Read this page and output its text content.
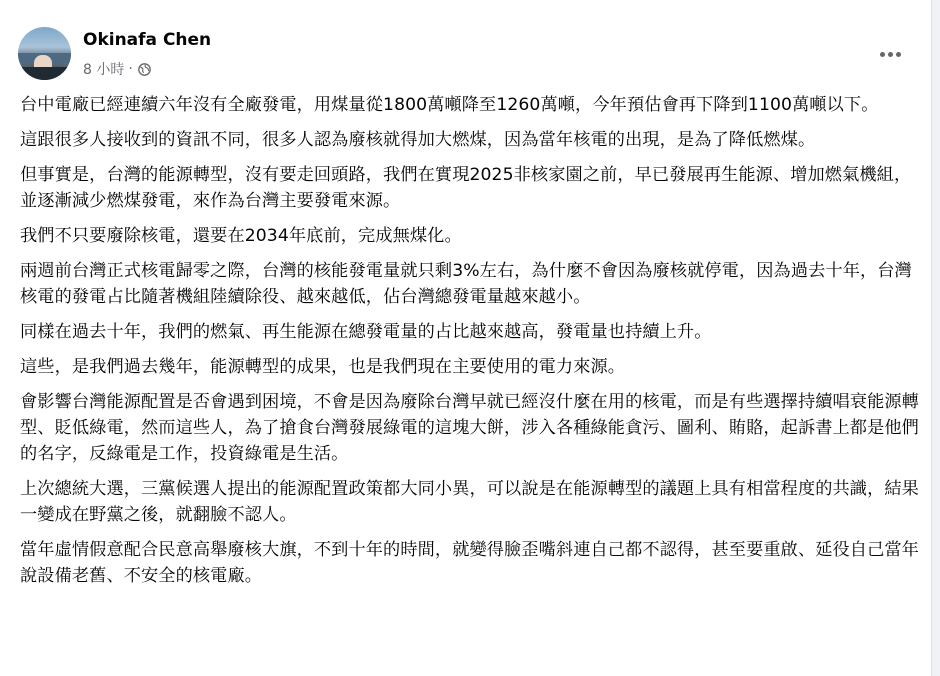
Okinafa Chen
8 小時 ·

台中電廠已經連續六年沒有全廠發電，用煤量從1800萬噸降至1260萬噸，今年預估會再下降到1100萬噸以下。

這跟很多人接收到的資訊不同，很多人認為廢核就得加大燃煤，因為當年核電的出現，是為了降低燃煤。

但事實是，台灣的能源轉型，沒有要走回頭路，我們在實現2025非核家園之前，早已發展再生能源、增加燃氣機組，並逐漸減少燃煤發電，來作為台灣主要發電來源。

我們不只要廢除核電，還要在2034年底前，完成無煤化。

兩週前台灣正式核電歸零之際，台灣的核能發電量就只剩3%左右，為什麼不會因為廢核就停電，因為過去十年，台灣核電的發電占比隨著機組陸續除役、越來越低，佔台灣總發電量越來越小。

同樣在過去十年，我們的燃氣、再生能源在總發電量的占比越來越高，發電量也持續上升。

這些，是我們過去幾年，能源轉型的成果，也是我們現在主要使用的電力來源。

會影響台灣能源配置是否會遇到困境，不會是因為廢除台灣早就已經沒什麼在用的核電，而是有些選擇持續唱衰能源轉型、貶低綠電，然而這些人，為了搶食台灣發展綠電的這塊大餅，涉入各種綠能貪污、圖利、賄賂，起訴書上都是他們的名字，反綠電是工作，投資綠電是生活。

上次總統大選，三黨候選人提出的能源配置政策都大同小異，可以說是在能源轉型的議題上具有相當程度的共識，結果一變成在野黨之後，就翻臉不認人。

當年虛情假意配合民意高舉廢核大旗，不到十年的時間，就變得臉歪嘴斜連自己都不認得，甚至要重啟、延役自己當年說設備老舊、不安全的核電廠。
